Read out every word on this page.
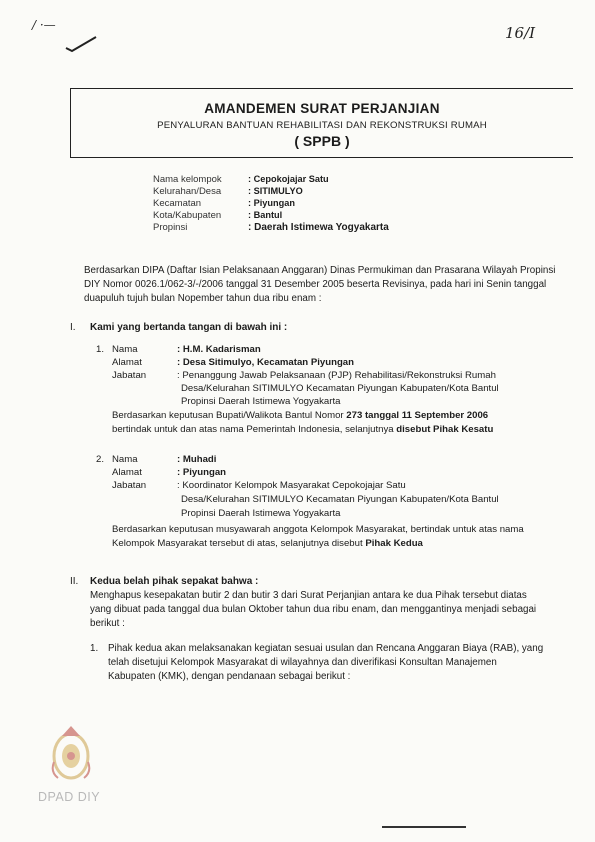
/ ·—	16/I
AMANDEMEN SURAT PERJANJIAN
PENYALURAN BANTUAN REHABILITASI DAN REKONSTRUKSI RUMAH
( SPPB )
Nama kelompok	: Cepokojajar Satu
Kelurahan/Desa	: SITIMULYO
Kecamatan	: Piyungan
Kota/Kabupaten	: Bantul
Propinsi	: Daerah Istimewa Yogyakarta
Berdasarkan DIPA (Daftar Isian Pelaksanaan Anggaran) Dinas Permukiman dan Prasarana Wilayah Propinsi
DIY Nomor 0026.1/062-3/-/2006 tanggal 31 Desember 2005 beserta Revisinya, pada hari ini Senin tanggal
duapuluh tujuh bulan Nopember tahun dua ribu enam :
I. Kami yang bertanda tangan di bawah ini :
1. Nama	: H.M. Kadarisman
Alamat	: Desa Sitimulyo, Kecamatan Piyungan
Jabatan	: Penanggung Jawab Pelaksanaan (PJP) Rehabilitasi/Rekonstruksi Rumah
Desa/Kelurahan SITIMULYO Kecamatan Piyungan Kabupaten/Kota Bantul
Propinsi Daerah Istimewa Yogyakarta
Berdasarkan keputusan Bupati/Walikota Bantul Nomor 273 tanggal 11 September 2006
bertindak untuk dan atas nama Pemerintah Indonesia, selanjutnya disebut Pihak Kesatu
2. Nama	: Muhadi
Alamat	: Piyungan
Jabatan	: Koordinator Kelompok Masyarakat Cepokojajar Satu
Desa/Kelurahan SITIMULYO Kecamatan Piyungan Kabupaten/Kota Bantul
Propinsi Daerah Istimewa Yogyakarta
Berdasarkan keputusan musyawarah anggota Kelompok Masyarakat, bertindak untuk atas nama
Kelompok Masyarakat tersebut di atas, selanjutnya disebut Pihak Kedua
II. Kedua belah pihak sepakat bahwa :
Menghapus kesepakatan butir 2 dan butir 3 dari Surat Perjanjian antara ke dua Pihak tersebut diatas
yang dibuat pada tanggal dua bulan Oktober tahun dua ribu enam, dan menggantinya menjadi sebagai
berikut :
1. Pihak kedua akan melaksanakan kegiatan sesuai usulan dan Rencana Anggaran Biaya (RAB), yang
telah disetujui Kelompok Masyarakat di wilayahnya dan diverifikasi Konsultan Manajemen
Kabupaten (KMK), dengan pendanaan sebagai berikut :
DPAD DIY
